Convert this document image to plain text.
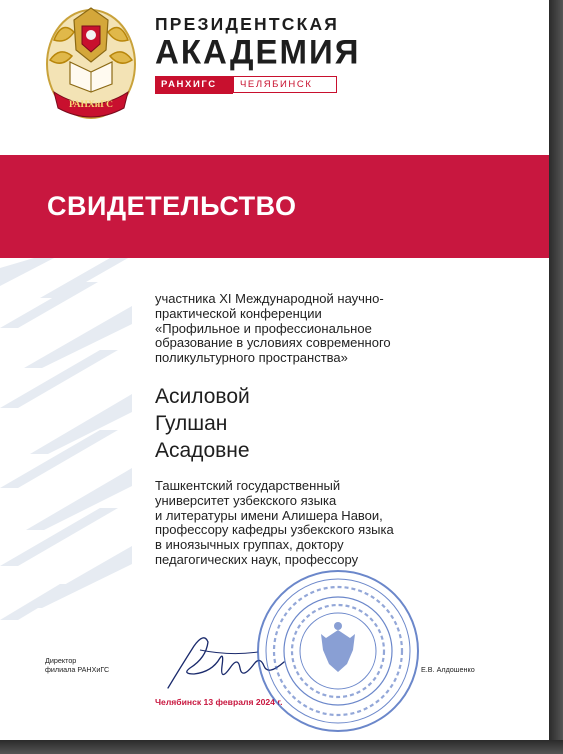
РАНХиГС
ПРЕЗИДЕНТСКАЯ
АКАДЕМИЯ
РАНХИГС	ЧЕЛЯБИНСК
СВИДЕТЕЛЬСТВО

участника XI Международной научно-
практической конференции
«Профильное и профессиональное
образование в условиях современного
поликультурного пространства»

Асиловой
Гулшан
Асадовне

Ташкентский государственный
университет узбекского языка
и литературы имени Алишера Навои,
профессору кафедры узбекского языка
в иноязычных группах, доктору
педагогических наук, профессору

Директор
филиала РАНХиГС	Е.В. Алдошенко
Челябинск 13 февраля 2024 г.
